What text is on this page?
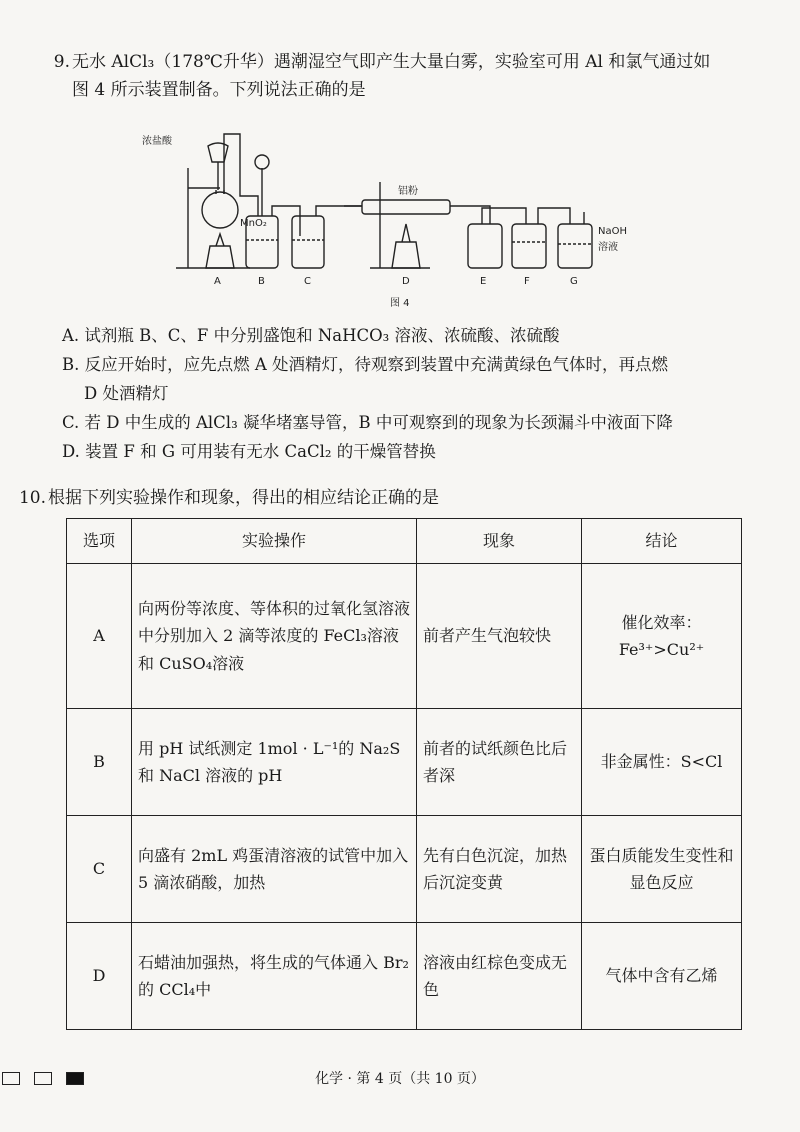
9. 无水 AlCl₃（178℃升华）遇潮湿空气即产生大量白雾，实验室可用 Al 和氯气通过如
图 4 所示装置制备。下列说法正确的是
浓盐酸
MnO₂
铝粉
NaOH
溶液
A	B	C	D	E	F	G
图 4

A. 试剂瓶 B、C、F 中分别盛饱和 NaHCO₃ 溶液、浓硫酸、浓硫酸

B. 反应开始时，应先点燃 A 处酒精灯，待观察到装置中充满黄绿色气体时，再点燃

D 处酒精灯

C. 若 D 中生成的 AlCl₃ 凝华堵塞导管，B 中可观察到的现象为长颈漏斗中液面下降

D. 装置 F 和 G 可用装有无水 CaCl₂ 的干燥管替换

10. 根据下列实验操作和现象，得出的相应结论正确的是
选项	实验操作	现象	结论
A	向两份等浓度、等体积的过氧化氢溶液中分别加入 2 滴等浓度的 FeCl₃溶液和 CuSO₄溶液	前者产生气泡较快	催化效率：Fe³⁺>Cu²⁺
B	用 pH 试纸测定 1mol · L⁻¹的 Na₂S 和 NaCl 溶液的 pH	前者的试纸颜色比后者深	非金属性：S<Cl
C	向盛有 2mL 鸡蛋清溶液的试管中加入 5 滴浓硝酸，加热	先有白色沉淀，加热后沉淀变黄	蛋白质能发生变性和显色反应
D	石蜡油加强热，将生成的气体通入 Br₂的 CCl₄中	溶液由红棕色变成无色	气体中含有乙烯
化学 · 第 4 页（共 10 页）
